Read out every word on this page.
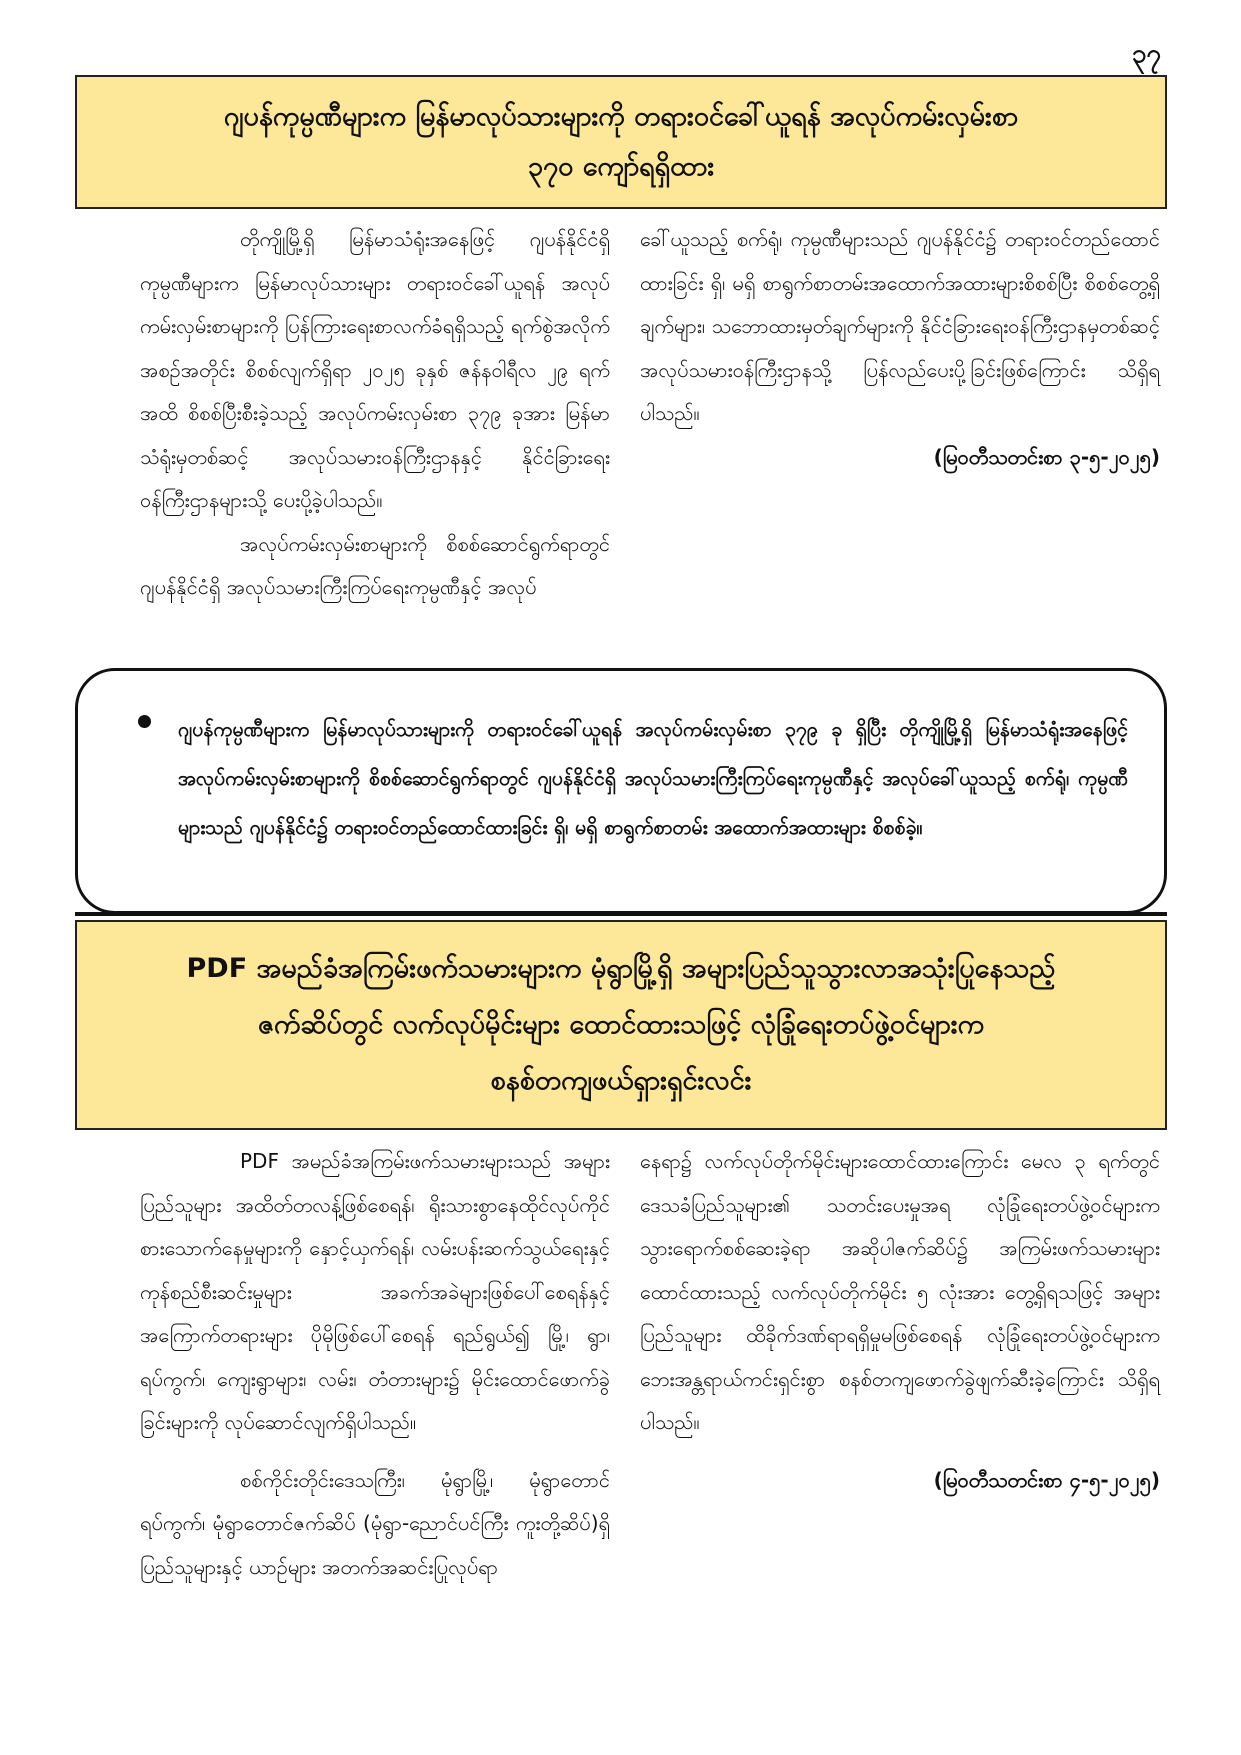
၃၇
ဂျပန်ကုမ္ပဏီများက မြန်မာလုပ်သားများကို တရားဝင်ခေါ်ယူရန် အလုပ်ကမ်းလှမ်းစာ
၃၇၀ ကျော်ရရှိထား

တိုကျိုမြို့ရှိ မြန်မာသံရုံးအနေဖြင့် ဂျပန်နိုင်ငံရှိ ကုမ္ပဏီများက မြန်မာလုပ်သားများ တရားဝင်ခေါ်ယူရန် အလုပ်ကမ်းလှမ်းစာများကို ပြန်ကြားရေးစာလက်ခံရရှိသည့် ရက်စွဲအလိုက် အစဉ်အတိုင်း စိစစ်လျက်ရှိရာ ၂၀၂၅ ခုနှစ် ဇန်နဝါရီလ ၂၉ ရက်အထိ စိစစ်ပြီးစီးခဲ့သည့် အလုပ်ကမ်းလှမ်းစာ ၃၇၉ ခုအား မြန်မာသံရုံးမှတစ်ဆင့် အလုပ်သမားဝန်ကြီးဌာနနှင့် နိုင်ငံခြားရေးဝန်ကြီးဌာနများသို့ ပေးပို့ခဲ့ပါသည်။

အလုပ်ကမ်းလှမ်းစာများကို စိစစ်ဆောင်ရွက်ရာတွင် ဂျပန်နိုင်ငံရှိ အလုပ်သမားကြီးကြပ်ရေးကုမ္ပဏီနှင့် အလုပ်

ခေါ်ယူသည့် စက်ရုံ၊ ကုမ္ပဏီများသည် ဂျပန်နိုင်ငံ၌ တရားဝင်တည်ထောင်ထားခြင်း ရှိ၊ မရှိ စာရွက်စာတမ်းအထောက်အထားများစိစစ်ပြီး စိစစ်တွေ့ရှိချက်များ၊ သဘောထားမှတ်ချက်များကို နိုင်ငံခြားရေးဝန်ကြီးဌာနမှတစ်ဆင့် အလုပ်သမားဝန်ကြီးဌာနသို့ ပြန်လည်ပေးပို့ခြင်းဖြစ်ကြောင်း သိရှိရပါသည်။

(မြဝတီသတင်းစာ ၃-၅-၂၀၂၅)

ဂျပန်ကုမ္ပဏီများက မြန်မာလုပ်သားများကို တရားဝင်ခေါ်ယူရန် အလုပ်ကမ်းလှမ်းစာ ၃၇၉ ခု ရှိပြီး တိုကျိုမြို့ရှိ မြန်မာသံရုံးအနေဖြင့် အလုပ်ကမ်းလှမ်းစာများကို စိစစ်ဆောင်ရွက်ရာတွင် ဂျပန်နိုင်ငံရှိ အလုပ်သမားကြီးကြပ်ရေးကုမ္ပဏီနှင့် အလုပ်ခေါ်ယူသည့် စက်ရုံ၊ ကုမ္ပဏီများသည် ဂျပန်နိုင်ငံ၌ တရားဝင်တည်ထောင်ထားခြင်း ရှိ၊ မရှိ စာရွက်စာတမ်း အထောက်အထားများ စိစစ်ခဲ့။
PDF အမည်ခံအကြမ်းဖက်သမားများက မုံရွာမြို့ရှိ အများပြည်သူသွားလာအသုံးပြုနေသည့်
ဇက်ဆိပ်တွင် လက်လုပ်မိုင်းများ ထောင်ထားသဖြင့် လုံခြုံရေးတပ်ဖွဲ့ဝင်များက
စနစ်တကျဖယ်ရှားရှင်းလင်း

PDF အမည်ခံအကြမ်းဖက်သမားများသည် အများပြည်သူများ အထိတ်တလန့်ဖြစ်စေရန်၊ ရိုးသားစွာနေထိုင်လုပ်ကိုင်စားသောက်နေမှုများကို နှောင့်ယှက်ရန်၊ လမ်းပန်းဆက်သွယ်ရေးနှင့် ကုန်စည်စီးဆင်းမှုများ အခက်အခဲများဖြစ်ပေါ်စေရန်နှင့် အကြောက်တရားများ ပိုမိုဖြစ်ပေါ်စေရန် ရည်ရွယ်၍ မြို့၊ ရွာ၊ ရပ်ကွက်၊ ကျေးရွာများ၊ လမ်း၊ တံတားများ၌ မိုင်းထောင်ဖောက်ခွဲခြင်းများကို လုပ်ဆောင်လျက်ရှိပါသည်။

စစ်ကိုင်းတိုင်းဒေသကြီး၊ မုံရွာမြို့၊ မုံရွာတောင်ရပ်ကွက်၊ မုံရွာတောင်ဇက်ဆိပ် (မုံရွာ-ညောင်ပင်ကြီး ကူးတို့ဆိပ်)ရှိ ပြည်သူများနှင့် ယာဉ်များ အတက်အဆင်းပြုလုပ်ရာ

နေရာ၌ လက်လုပ်တိုက်မိုင်းများထောင်ထားကြောင်း မေလ ၃ ရက်တွင် ဒေသခံပြည်သူများ၏ သတင်းပေးမှုအရ လုံခြုံရေးတပ်ဖွဲ့ဝင်များက သွားရောက်စစ်ဆေးခဲ့ရာ အဆိုပါဇက်ဆိပ်၌ အကြမ်းဖက်သမားများ ထောင်ထားသည့် လက်လုပ်တိုက်မိုင်း ၅ လုံးအား တွေ့ရှိရသဖြင့် အများပြည်သူများ ထိခိုက်ဒဏ်ရာရရှိမှုမဖြစ်စေရန် လုံခြုံရေးတပ်ဖွဲ့ဝင်များက ဘေးအန္တရာယ်ကင်းရှင်းစွာ စနစ်တကျဖောက်ခွဲဖျက်ဆီးခဲ့ကြောင်း သိရှိရပါသည်။

(မြဝတီသတင်းစာ ၄-၅-၂၀၂၅)
